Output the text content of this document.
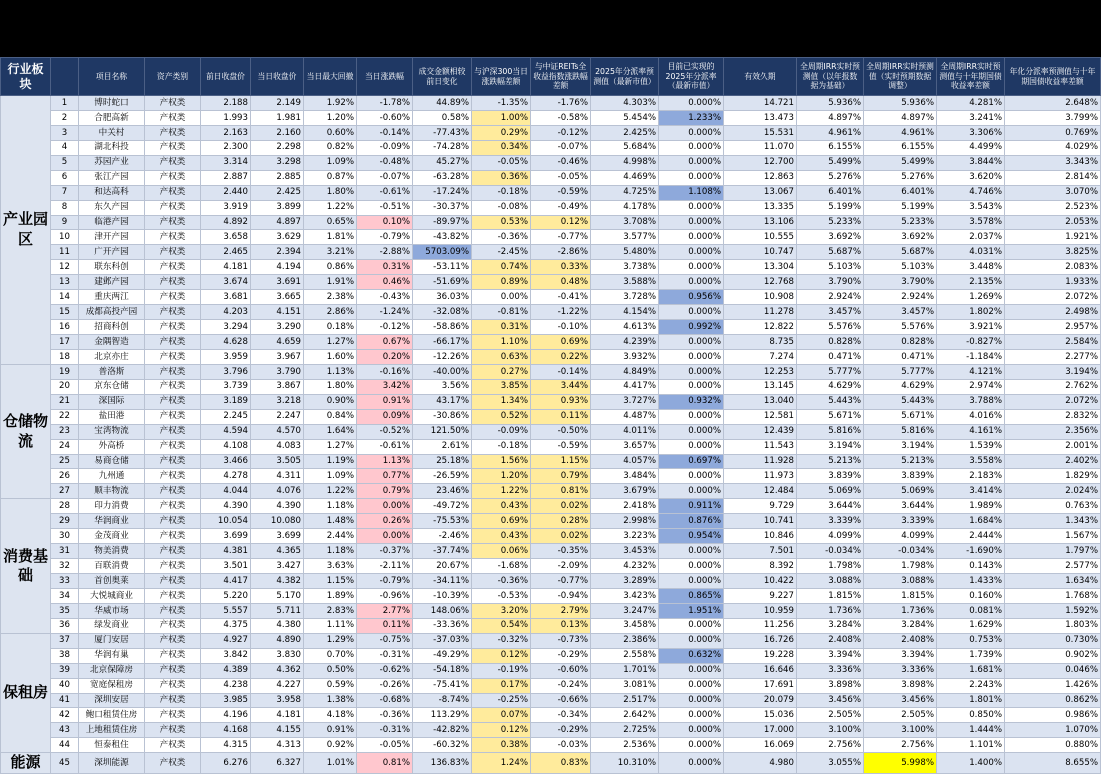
行业板块		项目名称	资产类别	前日收盘价	当日收盘价	当日最大回撤	当日涨跌幅	成交金额相较前日变化	与沪深300当日涨跌幅差额	与中证REITs全收益指数涨跌幅差额	2025年分派率预测值（最新市值）	目前已实现的2025年分派率（最新市值）	有效久期	全周期IRR实时预测值（以年报数据为基础）	全周期IRR实时预测值（实时预期数据调整）	全周期IRR实时预测值与十年期国债收益率差额	年化分派率预测值与十年期国债收益率差额
产业园区	1	博时蛇口	产权类	2.188	2.149	1.92%	-1.78%	44.89%	-1.35%	-1.76%	4.303%	0.000%	14.721	5.936%	5.936%	4.281%	2.648%
	2	合肥高新	产权类	1.993	1.981	1.20%	-0.60%	0.58%	1.00%	-0.58%	5.454%	1.233%	13.473	4.897%	4.897%	3.241%	3.799%
	3	中关村	产权类	2.163	2.160	0.60%	-0.14%	-77.43%	0.29%	-0.12%	2.425%	0.000%	15.531	4.961%	4.961%	3.306%	0.769%
	4	湖北科投	产权类	2.300	2.298	0.82%	-0.09%	-74.28%	0.34%	-0.07%	5.684%	0.000%	11.070	6.155%	6.155%	4.499%	4.029%
	5	苏园产业	产权类	3.314	3.298	1.09%	-0.48%	45.27%	-0.05%	-0.46%	4.998%	0.000%	12.700	5.499%	5.499%	3.844%	3.343%
	6	张江产园	产权类	2.887	2.885	0.87%	-0.07%	-63.28%	0.36%	-0.05%	4.469%	0.000%	12.863	5.276%	5.276%	3.620%	2.814%
	7	和达高科	产权类	2.440	2.425	1.80%	-0.61%	-17.24%	-0.18%	-0.59%	4.725%	1.108%	13.067	6.401%	6.401%	4.746%	3.070%
	8	东久产园	产权类	3.919	3.899	1.22%	-0.51%	-30.37%	-0.08%	-0.49%	4.178%	0.000%	13.335	5.199%	5.199%	3.543%	2.523%
	9	临港产园	产权类	4.892	4.897	0.65%	0.10%	-89.97%	0.53%	0.12%	3.708%	0.000%	13.106	5.233%	5.233%	3.578%	2.053%
	10	津开产园	产权类	3.658	3.629	1.81%	-0.79%	-43.82%	-0.36%	-0.77%	3.577%	0.000%	10.555	3.692%	3.692%	2.037%	1.921%
	11	广开产园	产权类	2.465	2.394	3.21%	-2.88%	5703.09%	-2.45%	-2.86%	5.480%	0.000%	10.747	5.687%	5.687%	4.031%	3.825%
	12	联东科创	产权类	4.181	4.194	0.86%	0.31%	-53.11%	0.74%	0.33%	3.738%	0.000%	13.304	5.103%	5.103%	3.448%	2.083%
	13	建邺产园	产权类	3.674	3.691	1.91%	0.46%	-51.69%	0.89%	0.48%	3.588%	0.000%	12.768	3.790%	3.790%	2.135%	1.933%
	14	重庆两江	产权类	3.681	3.665	2.38%	-0.43%	36.03%	0.00%	-0.41%	3.728%	0.956%	10.908	2.924%	2.924%	1.269%	2.072%
	15	成都高投产园	产权类	4.203	4.151	2.86%	-1.24%	-32.08%	-0.81%	-1.22%	4.154%	0.000%	11.278	3.457%	3.457%	1.802%	2.498%
	16	招商科创	产权类	3.294	3.290	0.18%	-0.12%	-58.86%	0.31%	-0.10%	4.613%	0.992%	12.822	5.576%	5.576%	3.921%	2.957%
	17	金隅智造	产权类	4.628	4.659	1.27%	0.67%	-66.17%	1.10%	0.69%	4.239%	0.000%	8.735	0.828%	0.828%	-0.827%	2.584%
	18	北京亦庄	产权类	3.959	3.967	1.60%	0.20%	-12.26%	0.63%	0.22%	3.932%	0.000%	7.274	0.471%	0.471%	-1.184%	2.277%
仓储物流	19	普洛斯	产权类	3.796	3.790	1.13%	-0.16%	-40.00%	0.27%	-0.14%	4.849%	0.000%	12.253	5.777%	5.777%	4.121%	3.194%
	20	京东仓储	产权类	3.739	3.867	1.80%	3.42%	3.56%	3.85%	3.44%	4.417%	0.000%	13.145	4.629%	4.629%	2.974%	2.762%
	21	深国际	产权类	3.189	3.218	0.90%	0.91%	43.17%	1.34%	0.93%	3.727%	0.932%	13.040	5.443%	5.443%	3.788%	2.072%
	22	盐田港	产权类	2.245	2.247	0.84%	0.09%	-30.86%	0.52%	0.11%	4.487%	0.000%	12.581	5.671%	5.671%	4.016%	2.832%
	23	宝湾物流	产权类	4.594	4.570	1.64%	-0.52%	121.50%	-0.09%	-0.50%	4.011%	0.000%	12.439	5.816%	5.816%	4.161%	2.356%
	24	外高桥	产权类	4.108	4.083	1.27%	-0.61%	2.61%	-0.18%	-0.59%	3.657%	0.000%	11.543	3.194%	3.194%	1.539%	2.001%
	25	易商仓储	产权类	3.466	3.505	1.19%	1.13%	25.18%	1.56%	1.15%	4.057%	0.697%	11.928	5.213%	5.213%	3.558%	2.402%
	26	九州通	产权类	4.278	4.311	1.09%	0.77%	-26.59%	1.20%	0.79%	3.484%	0.000%	11.973	3.839%	3.839%	2.183%	1.829%
	27	顺丰物流	产权类	4.044	4.076	1.22%	0.79%	23.46%	1.22%	0.81%	3.679%	0.000%	12.484	5.069%	5.069%	3.414%	2.024%
消费基础	28	印力消费	产权类	4.390	4.390	1.18%	0.00%	-49.72%	0.43%	0.02%	2.418%	0.911%	9.729	3.644%	3.644%	1.989%	0.763%
	29	华润商业	产权类	10.054	10.080	1.48%	0.26%	-75.53%	0.69%	0.28%	2.998%	0.876%	10.741	3.339%	3.339%	1.684%	1.343%
	30	金茂商业	产权类	3.699	3.699	2.44%	0.00%	-2.46%	0.43%	0.02%	3.223%	0.954%	10.846	4.099%	4.099%	2.444%	1.567%
	31	物美消费	产权类	4.381	4.365	1.18%	-0.37%	-37.74%	0.06%	-0.35%	3.453%	0.000%	7.501	-0.034%	-0.034%	-1.690%	1.797%
	32	百联消费	产权类	3.501	3.427	3.63%	-2.11%	20.67%	-1.68%	-2.09%	4.232%	0.000%	8.392	1.798%	1.798%	0.143%	2.577%
	33	首创奥莱	产权类	4.417	4.382	1.15%	-0.79%	-34.11%	-0.36%	-0.77%	3.289%	0.000%	10.422	3.088%	3.088%	1.433%	1.634%
	34	大悦城商业	产权类	5.220	5.170	1.89%	-0.96%	-10.39%	-0.53%	-0.94%	3.423%	0.865%	9.227	1.815%	1.815%	0.160%	1.768%
	35	华威市场	产权类	5.557	5.711	2.83%	2.77%	148.06%	3.20%	2.79%	3.247%	1.951%	10.959	1.736%	1.736%	0.081%	1.592%
	36	绿发商业	产权类	4.375	4.380	1.11%	0.11%	-33.36%	0.54%	0.13%	3.458%	0.000%	11.256	3.284%	3.284%	1.629%	1.803%
保租房	37	厦门安居	产权类	4.927	4.890	1.29%	-0.75%	-37.03%	-0.32%	-0.73%	2.386%	0.000%	16.726	2.408%	2.408%	0.753%	0.730%
	38	华润有巢	产权类	3.842	3.830	0.70%	-0.31%	-49.29%	0.12%	-0.29%	2.558%	0.632%	19.228	3.394%	3.394%	1.739%	0.902%
	39	北京保障房	产权类	4.389	4.362	0.50%	-0.62%	-54.18%	-0.19%	-0.60%	1.701%	0.000%	16.646	3.336%	3.336%	1.681%	0.046%
	40	宽庭保租房	产权类	4.238	4.227	0.59%	-0.26%	-75.41%	0.17%	-0.24%	3.081%	0.000%	17.691	3.898%	3.898%	2.243%	1.426%
	41	深圳安居	产权类	3.985	3.958	1.38%	-0.68%	-8.74%	-0.25%	-0.66%	2.517%	0.000%	20.079	3.456%	3.456%	1.801%	0.862%
	42	鲍口租赁住房	产权类	4.196	4.181	4.18%	-0.36%	113.29%	0.07%	-0.34%	2.642%	0.000%	15.036	2.505%	2.505%	0.850%	0.986%
	43	上地租赁住房	产权类	4.168	4.155	0.91%	-0.31%	-42.82%	0.12%	-0.29%	2.725%	0.000%	17.000	3.100%	3.100%	1.444%	1.070%
	44	恒泰租住	产权类	4.315	4.313	0.92%	-0.05%	-60.32%	0.38%	-0.03%	2.536%	0.000%	16.069	2.756%	2.756%	1.101%	0.880%
能源	45	深圳能源	产权类	6.276	6.327	1.01%	0.81%	136.83%	1.24%	0.83%	10.310%	0.000%	4.980	3.055%	5.998%	1.400%	8.655%
